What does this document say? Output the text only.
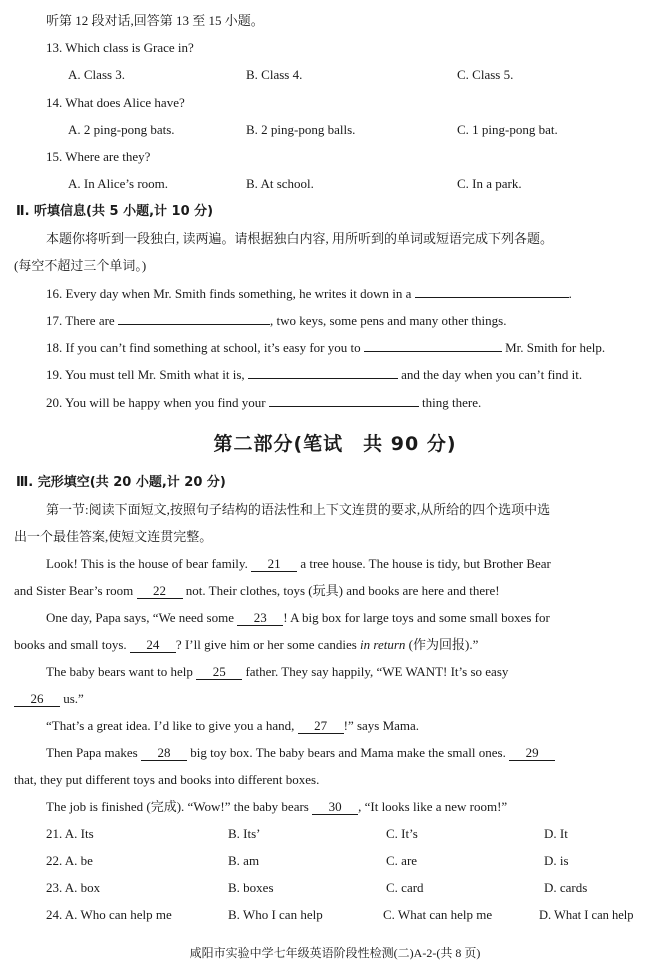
听第 12 段对话,回答第 13 至 15 小题。
13. Which class is Grace in?
A. Class 3.	B. Class 4.	C. Class 5.
14. What does Alice have?
A. 2 ping-pong bats.	B. 2 ping-pong balls.	C. 1 ping-pong bat.
15. Where are they?
A. In Alice’s room.	B. At school.	C. In a park.
Ⅱ. 听填信息(共 5 小题,计 10 分)
本题你将听到一段独白, 读两遍。请根据独白内容, 用所听到的单词或短语完成下列各题。
(每空不超过三个单词。)
16. Every day when Mr. Smith finds something, he writes it down in a	.
17. There are	, two keys, some pens and many other things.
18. If you can’t find something at school, it’s easy for you to	Mr. Smith for help.
19. You must tell Mr. Smith what it is,	and the day when you can’t find it.
20. You will be happy when you find your	thing there.
第二部分(笔试　共 90 分)
Ⅲ. 完形填空(共 20 小题,计 20 分)
第一节:阅读下面短文,按照句子结构的语法性和上下文连贯的要求,从所给的四个选项中选
出一个最佳答案,使短文连贯完整。
Look! This is the house of bear family. 21 a tree house. The house is tidy, but Brother Bear
and Sister Bear’s room 22 not. Their clothes, toys (玩具) and books are here and there!
One day, Papa says, “We need some 23 ! A big box for large toys and some small boxes for
books and small toys. 24 ? I’ll give him or her some candies in return (作为回报).”
The baby bears want to help 25 father. They say happily, “WE WANT! It’s so easy
26 us.”
“That’s a great idea. I’d like to give you a hand, 27 !” says Mama.
Then Papa makes 28 big toy box. The baby bears and Mama make the small ones. 29
that, they put different toys and books into different boxes.
The job is finished (完成). “Wow!” the baby bears 30 , “It looks like a new room!”
21. A. Its	B. Its’	C. It’s	D. It
22. A. be	B. am	C. are	D. is
23. A. box	B. boxes	C. card	D. cards
24. A. Who can help me	B. Who I can help	C. What can help me	D. What I can help
咸阳市实验中学七年级英语阶段性检测(二)A-2-(共 8 页)
